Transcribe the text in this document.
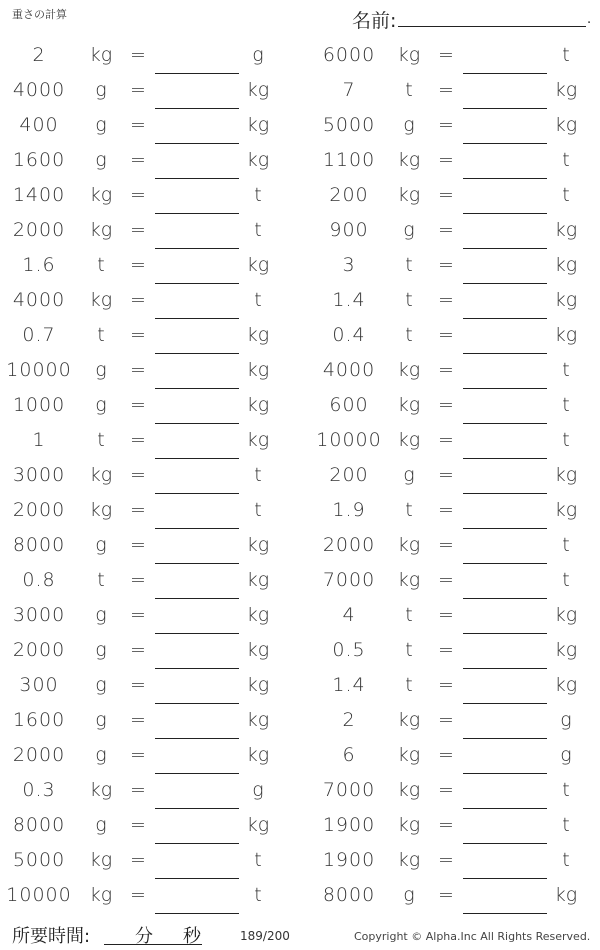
重さの計算	名前:	.
2	kg =	g	6000	kg =	t
4000	g	=	kg	7	t	=	kg
400	g	=	kg	5000	g	=	kg
1600	g	=	kg	1100	kg =	t
1400	kg =	t	200	kg =	t
2000	kg =	t	900	g	=	kg
1.6	t	=	kg	3	t	=	kg
4000	kg =	t	1.4	t	=	kg
0.7	t	=	kg	0.4	t	=	kg
10000	g	=	kg	4000	kg =	t
1000	g	=	kg	600	kg =	t
1	t	=	kg	10000 kg =	t
3000	kg =	t	200	g	=	kg
2000	kg =	t	1.9	t	=	kg
8000	g	=	kg	2000	kg =	t
0.8	t	=	kg	7000	kg =	t
3000	g	=	kg	4	t	=	kg
2000	g	=	kg	0.5	t	=	kg
300	g	=	kg	1.4	t	=	kg
1600	g	=	kg	2	kg =	g
2000	g	=	kg	6	kg =	g
0.3	kg =	g	7000	kg =	t
8000	g	=	kg	1900	kg =	t
5000	kg =	t	1900	kg =	t
10000 kg =	t	8000	g	=	kg
所要時間: 分 秒	189/200	Copyright © Alpha.Inc All Rights Reserved.
